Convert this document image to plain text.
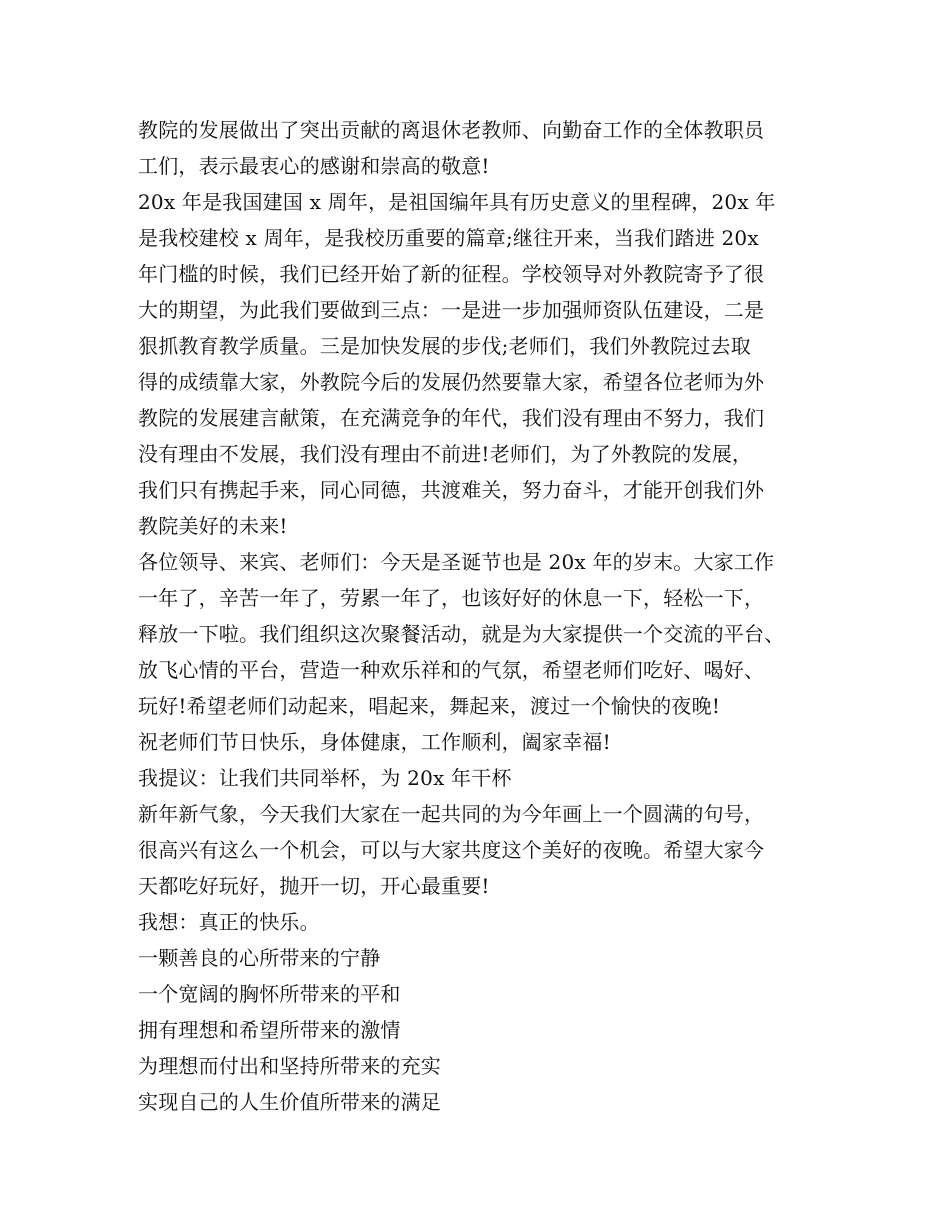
教院的发展做出了突出贡献的离退休老教师、向勤奋工作的全体教职员
工们，表示最衷心的感谢和崇高的敬意!
20x 年是我国建国 x 周年，是祖国编年具有历史意义的里程碑，20x 年
是我校建校 x 周年，是我校历重要的篇章;继往开来，当我们踏进 20x
年门槛的时候，我们已经开始了新的征程。学校领导对外教院寄予了很
大的期望，为此我们要做到三点：一是进一步加强师资队伍建设，二是
狠抓教育教学质量。三是加快发展的步伐;老师们，我们外教院过去取
得的成绩靠大家，外教院今后的发展仍然要靠大家，希望各位老师为外
教院的发展建言献策，在充满竞争的年代，我们没有理由不努力，我们
没有理由不发展，我们没有理由不前进!老师们，为了外教院的发展，
我们只有携起手来，同心同德，共渡难关，努力奋斗，才能开创我们外
教院美好的未来!
各位领导、来宾、老师们：今天是圣诞节也是 20x 年的岁末。大家工作
一年了，辛苦一年了，劳累一年了，也该好好的休息一下，轻松一下，
释放一下啦。我们组织这次聚餐活动，就是为大家提供一个交流的平台、
放飞心情的平台，营造一种欢乐祥和的气氛，希望老师们吃好、喝好、
玩好!希望老师们动起来，唱起来，舞起来，渡过一个愉快的夜晚!
祝老师们节日快乐，身体健康，工作顺利，阖家幸福!
我提议：让我们共同举杯，为 20x 年干杯
新年新气象，今天我们大家在一起共同的为今年画上一个圆满的句号，
很高兴有这么一个机会，可以与大家共度这个美好的夜晚。希望大家今
天都吃好玩好，抛开一切，开心最重要!
我想：真正的快乐。
一颗善良的心所带来的宁静
一个宽阔的胸怀所带来的平和
拥有理想和希望所带来的激情
为理想而付出和坚持所带来的充实
实现自己的人生价值所带来的满足
